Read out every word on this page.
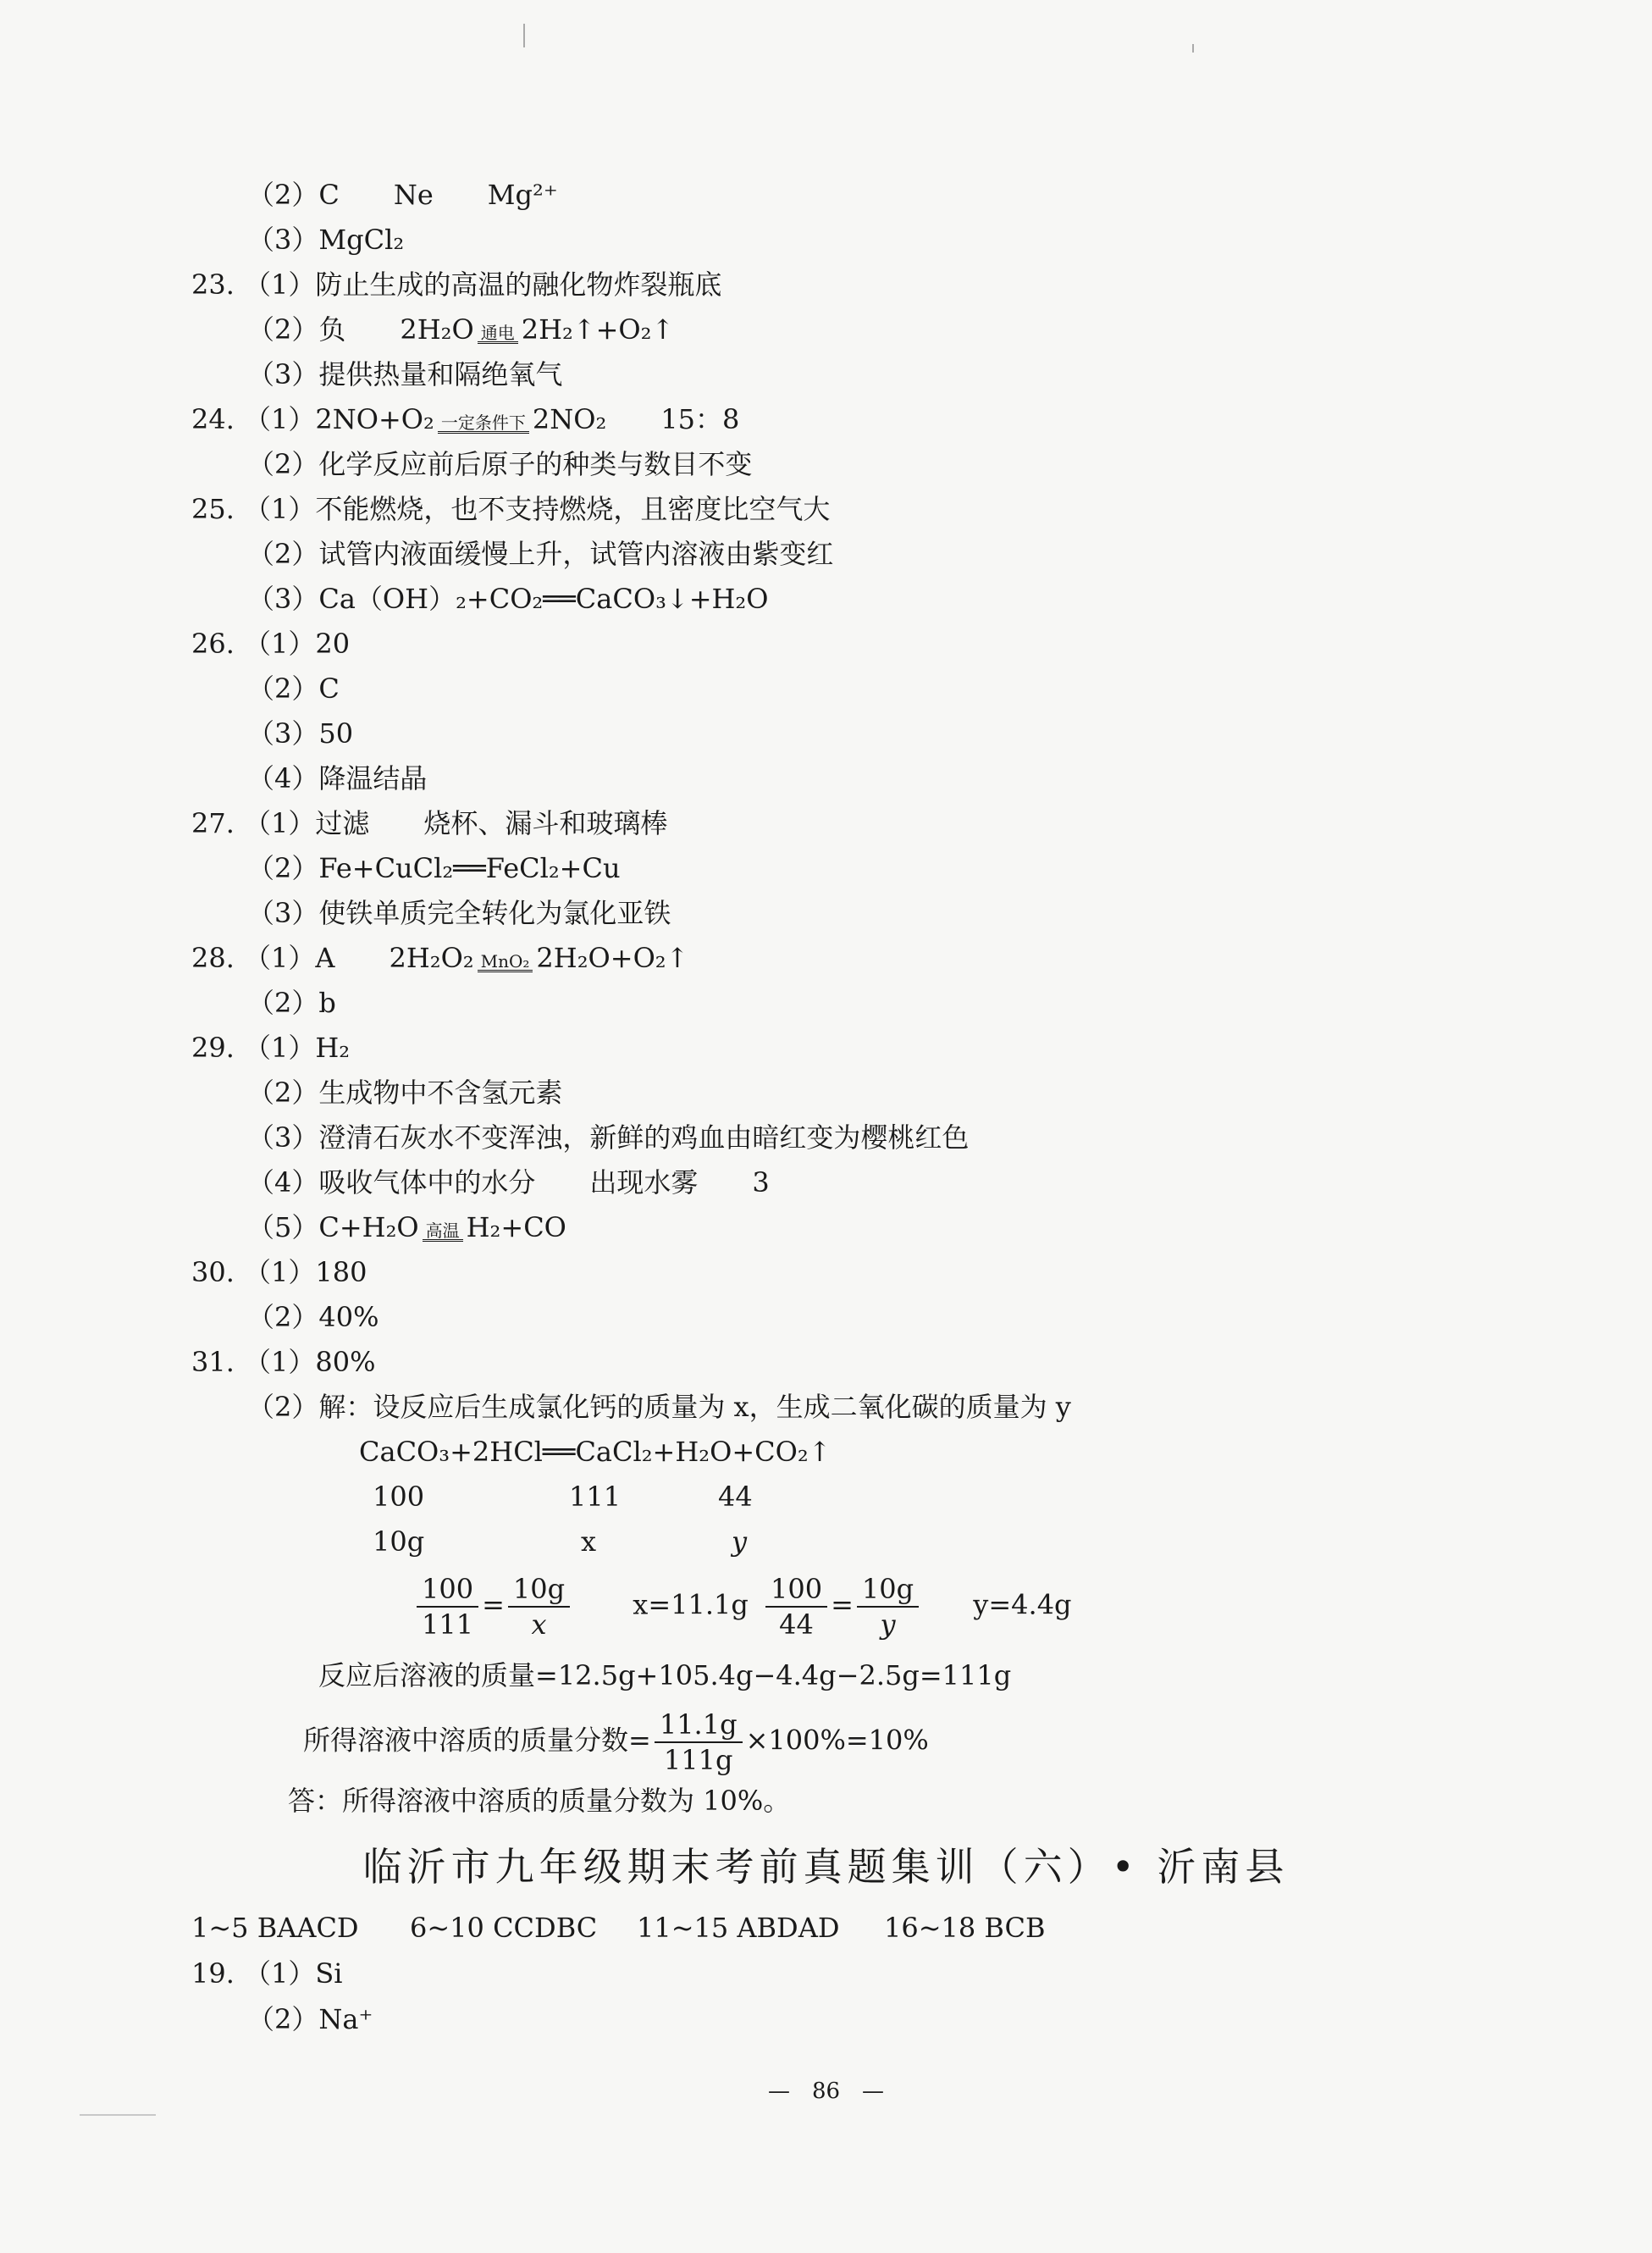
（2）C　　Ne　　Mg²⁺
（3）MgCl₂
23. （1）防止生成的高温的融化物炸裂瓶底
（2）负　　2H₂O 通电 2H₂↑+O₂↑
（3）提供热量和隔绝氧气
24. （1）2NO+O₂ 一定条件下 2NO₂　　15：8
（2）化学反应前后原子的种类与数目不变
25. （1）不能燃烧，也不支持燃烧，且密度比空气大
（2）试管内液面缓慢上升，试管内溶液由紫变红
（3）Ca（OH）₂+CO₂══CaCO₃↓+H₂O
26. （1）20
（2）C
（3）50
（4）降温结晶
27. （1）过滤　　烧杯、漏斗和玻璃棒
（2）Fe+CuCl₂══FeCl₂+Cu
（3）使铁单质完全转化为氯化亚铁
28. （1）A　　2H₂O₂ MnO₂ 2H₂O+O₂↑
（2）b
29. （1）H₂
（2）生成物中不含氢元素
（3）澄清石灰水不变浑浊，新鲜的鸡血由暗红变为樱桃红色
（4）吸收气体中的水分　　出现水雾　　3
（5）C+H₂O 高温 H₂+CO
30. （1）180
（2）40%
31. （1）80%
（2）解：设反应后生成氯化钙的质量为 x，生成二氧化碳的质量为 y
CaCO₃+2HCl══CaCl₂+H₂O+CO₂↑
100	111	44
10g	x	y
$\frac{100}{111} = \frac{10g}{x} x=11.1g \frac{100}{44} = \frac{10g}{y} y=4.4g$
反应后溶液的质量=12.5g+105.4g−4.4g−2.5g=111g
所得溶液中溶质的质量分数= $\frac{11.1g}{111g} \times 100\%=10\%$
答：所得溶液中溶质的质量分数为 10%。
临沂市九年级期末考前真题集训（六）• 沂南县
1~5 BAACD 6~10 CCDBC 11~15 ABDAD 16~18 BCB
19. （1）Si
（2）Na⁺
—　86　—
